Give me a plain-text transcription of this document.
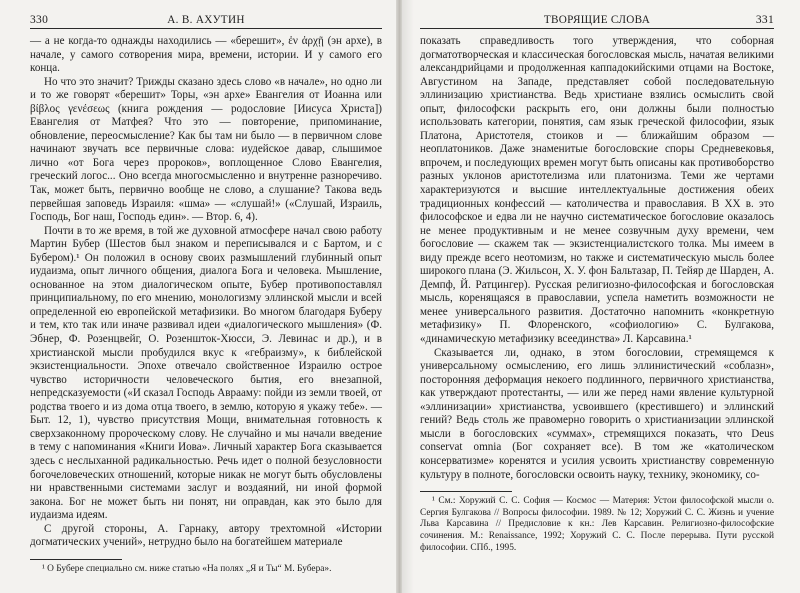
330	А. В. АХУТИН

— а не когда-то однажды находились — «берешит», ἐν ἀρχῇ (эн архе), в начале, у самого сотворения мира, времени, истории. И у самого его конца.

Но что это значит? Трижды сказано здесь слово «в начале», но одно ли и то же говорят «берешит» Торы, «эн архе» Евангелия от Иоанна или βίβλος γενέσεως (книга рождения — родословие [Иисуса Христа]) Евангелия от Матфея? Что это — повторение, припоминание, обновление, переосмысление? Как бы там ни было — в первичном слове начинают звучать все первичные слова: иудейское давар, слышимое лично «от Бога через пророков», воплощенное Слово Евангелия, греческий логос... Оно всегда многосмысленно и внутренне разноречиво. Так, может быть, первично вообще не слово, а слушание? Такова ведь первейшая заповедь Израиля: «шма» — «слушай!» («Слушай, Израиль, Господь, Бог наш, Господь един». — Втор. 6, 4).

Почти в то же время, в той же духовной атмосфере начал свою работу Мартин Бубер (Шестов был знаком и переписывался и с Бартом, и с Бубером).¹ Он положил в основу своих размышлений глубинный опыт иудаизма, опыт личного общения, диалога Бога и человека. Мышление, основанное на этом диалогическом опыте, Бубер противопоставлял принципиальному, по его мнению, монологизму эллинской мысли и всей определенной ею европейской метафизики. Во многом благодаря Буберу и тем, кто так или иначе развивал идеи «диалогического мышления» (Ф. Эбнер, Ф. Розенцвейг, О. Розеншток-Хюсси, Э. Левинас и др.), и в христианской мысли пробудился вкус к «гебраизму», к библейской экзистенциальности. Эпохе отвечало свойственное Израилю острое чувство историчности человеческого бытия, его внезапной, непредсказуемости («И сказал Господь Аврааму: пойди из земли твоей, от родства твоего и из дома отца твоего, в землю, которую я укажу тебе». — Быт. 12, 1), чувство присутствия Мощи, внимательная готовность к сверхзаконному пророческому слову. Не случайно и мы начали введение в тему с напоминания «Книги Иова». Личный характер Бога сказывается здесь с неслыханной радикальностью. Речь идет о полной безусловности богочеловеческих отношений, которые никак не могут быть обусловлены ни нравственными системами заслуг и воздаяний, ни иной формой закона. Бог не может быть ни понят, ни оправдан, как это было для иудаизма идеям.

С другой стороны, А. Гарнаку, автору трехтомной «Истории догматических учений», нетрудно было на богатейшем материале

¹ О Бубере специально см. ниже статью «На полях „Я и Ты“ М. Бубера».

ТВОРЯЩИЕ СЛОВА	331

показать справедливость того утверждения, что соборная догматотворческая и классическая богословская мысль, начатая великими александрийцами и продолженная каппадокийскими отцами на Востоке, Августином на Западе, представляет собой последовательную эллинизацию христианства. Ведь христиане взялись осмыслить свой опыт, философски раскрыть его, они должны были полностью использовать категории, понятия, сам язык греческой философии, язык Платона, Аристотеля, стоиков и — ближайшим образом — неоплатоников. Даже знаменитые богословские споры Средневековья, впрочем, и последующих времен могут быть описаны как противоборство разных уклонов аристотелизма или платонизма. Теми же чертами характеризуются и высшие интеллектуальные достижения обеих традиционных конфессий — католичества и православия. В XX в. это философское и едва ли не научно систематическое богословие оказалось не менее продуктивным и не менее созвучным духу времени, чем богословие — скажем так — экзистенциалистского толка. Мы имеем в виду прежде всего неотомизм, но также и систематическую мысль более широкого плана (Э. Жильсон, Х. У. фон Бальтазар, П. Тейяр де Шарден, А. Демпф, Й. Ратцингер). Русская религиозно-философская и богословская мысль, коренящаяся в православии, успела наметить возможности не менее универсального развития. Достаточно напомнить «конкретную метафизику» П. Флоренского, «софиологию» С. Булгакова, «динамическую метафизику всеединства» Л. Карсавина.¹

Сказывается ли, однако, в этом богословии, стремящемся к универсальному осмыслению, его лишь эллинистический «соблазн», посторонняя деформация некоего подлинного, первичного христианства, как утверждают протестанты, — или же перед нами явление культурной «эллинизации» христианства, усвоившего (крестившего) и эллинский гений? Ведь столь же правомерно говорить о христианизации эллинской мысли в богословских «суммах», стремящихся показать, что Deus conservat omnia (Бог сохраняет все). В том же «католическом консерватизме» коренятся и усилия усвоить христианству современную культуру в полноте, богословски освоить науку, технику, экономику, со-

¹ См.: Хоружий С. С. София — Космос — Материя: Устои философской мысли о. Сергия Булгакова // Вопросы философии. 1989. № 12; Хоружий С. С. Жизнь и учение Льва Карсавина // Предисловие к кн.: Лев Карсавин. Религиозно-философские сочинения. М.: Renaissance, 1992; Хоружий С. С. После перерыва. Пути русской философии. СПб., 1995.
